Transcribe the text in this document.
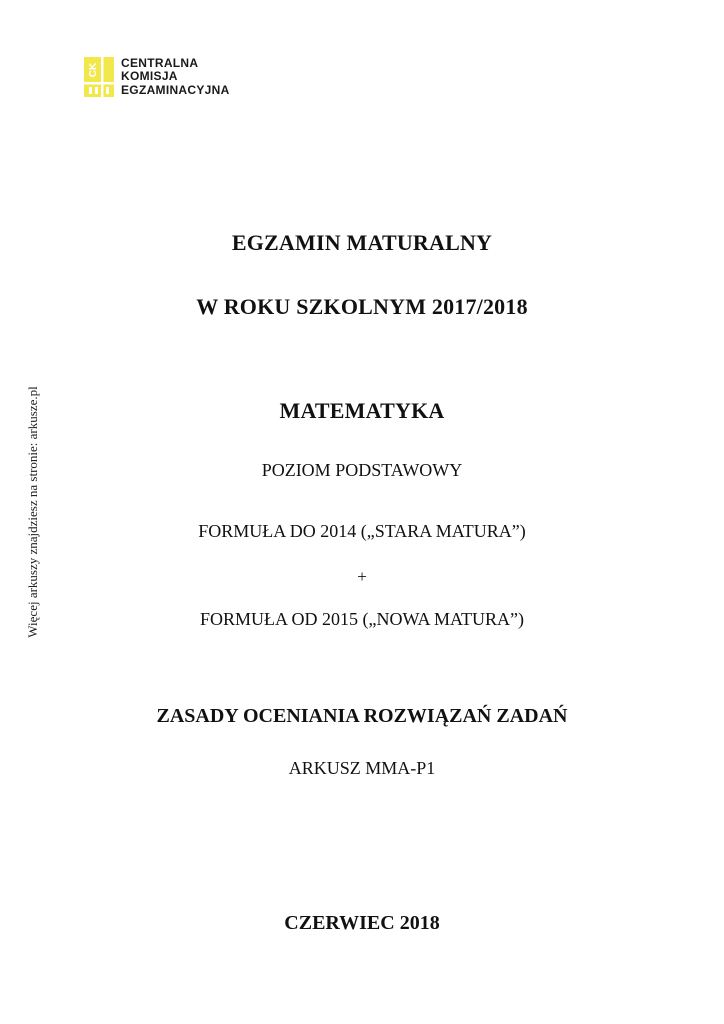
CK
CENTRALNA
KOMISJA
EGZAMINACYJNA
Więcej arkuszy znajdziesz na stronie: arkusze.pl
EGZAMIN MATURALNY
W ROKU SZKOLNYM 2017/2018
MATEMATYKA
POZIOM PODSTAWOWY
FORMUŁA DO 2014 („STARA MATURA”)
+
FORMUŁA OD 2015 („NOWA MATURA”)
ZASADY OCENIANIA ROZWIĄZAŃ ZADAŃ
ARKUSZ MMA-P1
CZERWIEC 2018
